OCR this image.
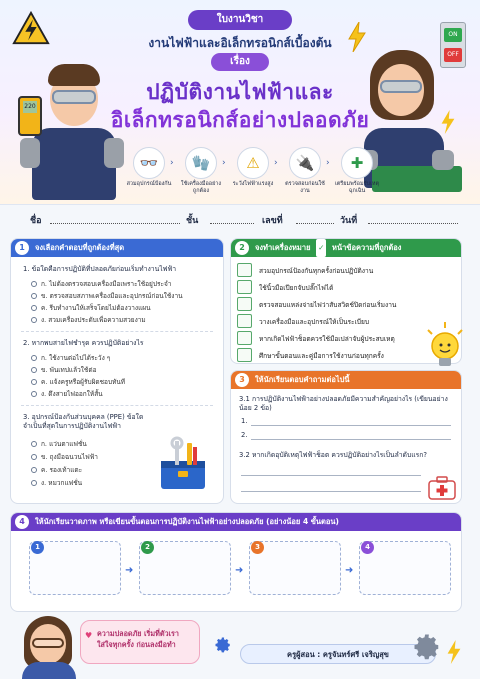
ON
OFF
ใบงานวิชา
งานไฟฟ้าและอิเล็กทรอนิกส์เบื้องต้น
เรื่อง
ปฏิบัติงานไฟฟ้าและ
อิเล็กทรอนิกส์อย่างปลอดภัย
220
👓
สวมอุปกรณ์ป้องกัน
›	🧤
ใช้เครื่องมืออย่างถูกต้อง
›	⚠
ระวังไฟฟ้าแรงสูง
›	🔌
ตรวจสอบก่อนใช้งาน
›	✚
เตรียมพร้อมรับเหตุฉุกเฉิน
ชื่อ	ชั้น	เลขที่	วันที่
1	จงเลือกคำตอบที่ถูกต้องที่สุด
1. ข้อใดคือการปฏิบัติที่ปลอดภัยก่อนเริ่มทำงานไฟฟ้า
ก. ไม่ต้องตรวจสอบเครื่องมือเพราะใช้อยู่ประจำ
ข. ตรวจสอบสภาพเครื่องมือและอุปกรณ์ก่อนใช้งาน
ค. รีบทำงานให้เสร็จโดยไม่ต้องวางแผน
ง. สวมเครื่องประดับเพื่อความสวยงาม
2. หากพบสายไฟชำรุด ควรปฏิบัติอย่างไร
ก. ใช้งานต่อไปได้ระวัง ๆ
ข. พันเทปแล้วใช้ต่อ
ค. แจ้งครูหรือผู้รับผิดชอบทันที
ง. ดึงสายไฟออกให้สั้น
3. อุปกรณ์ป้องกันส่วนบุคคล (PPE) ข้อใดจำเป็นที่สุดในการปฏิบัติงานไฟฟ้า
ก. แว่นตาแฟชั่น
ข. ถุงมือฉนวนไฟฟ้า
ค. รองเท้าแตะ
ง. หมวกแฟชั่น
2	จงทำเครื่องหมาย ✓ หน้าข้อความที่ถูกต้อง
สวมอุปกรณ์ป้องกันทุกครั้งก่อนปฏิบัติงาน
ใช้นิ้วมือเปียกจับปลั๊กไฟได้
ตรวจสอบแหล่งจ่ายไฟว่าสับสวิตช์ปิดก่อนเริ่มงาน
วางเครื่องมือและอุปกรณ์ให้เป็นระเบียบ
หากเกิดไฟฟ้าช็อตควรใช้มือเปล่าจับผู้ประสบเหตุ
ศึกษาขั้นตอนและคู่มือการใช้งานก่อนทุกครั้ง
3	ให้นักเรียนตอบคำถามต่อไปนี้
3.1 การปฏิบัติงานไฟฟ้าอย่างปลอดภัยมีความสำคัญอย่างไร (เขียนอย่างน้อย 2 ข้อ)
1.
2.
3.2 หากเกิดอุบัติเหตุไฟฟ้าช็อต ควรปฏิบัติอย่างไรเป็นลำดับแรก?
4	ให้นักเรียนวาดภาพ หรือเขียนขั้นตอนการปฏิบัติงานไฟฟ้าอย่างปลอดภัย (อย่างน้อย 4 ขั้นตอน)
1
➜
2
➜
3
➜
4
♥ ความปลอดภัย เริ่มที่ตัวเรา
ใส่ใจทุกครั้ง ก่อนลงมือทำ
ครูผู้สอน : ครูจันทร์ศรี เจริญสุข
